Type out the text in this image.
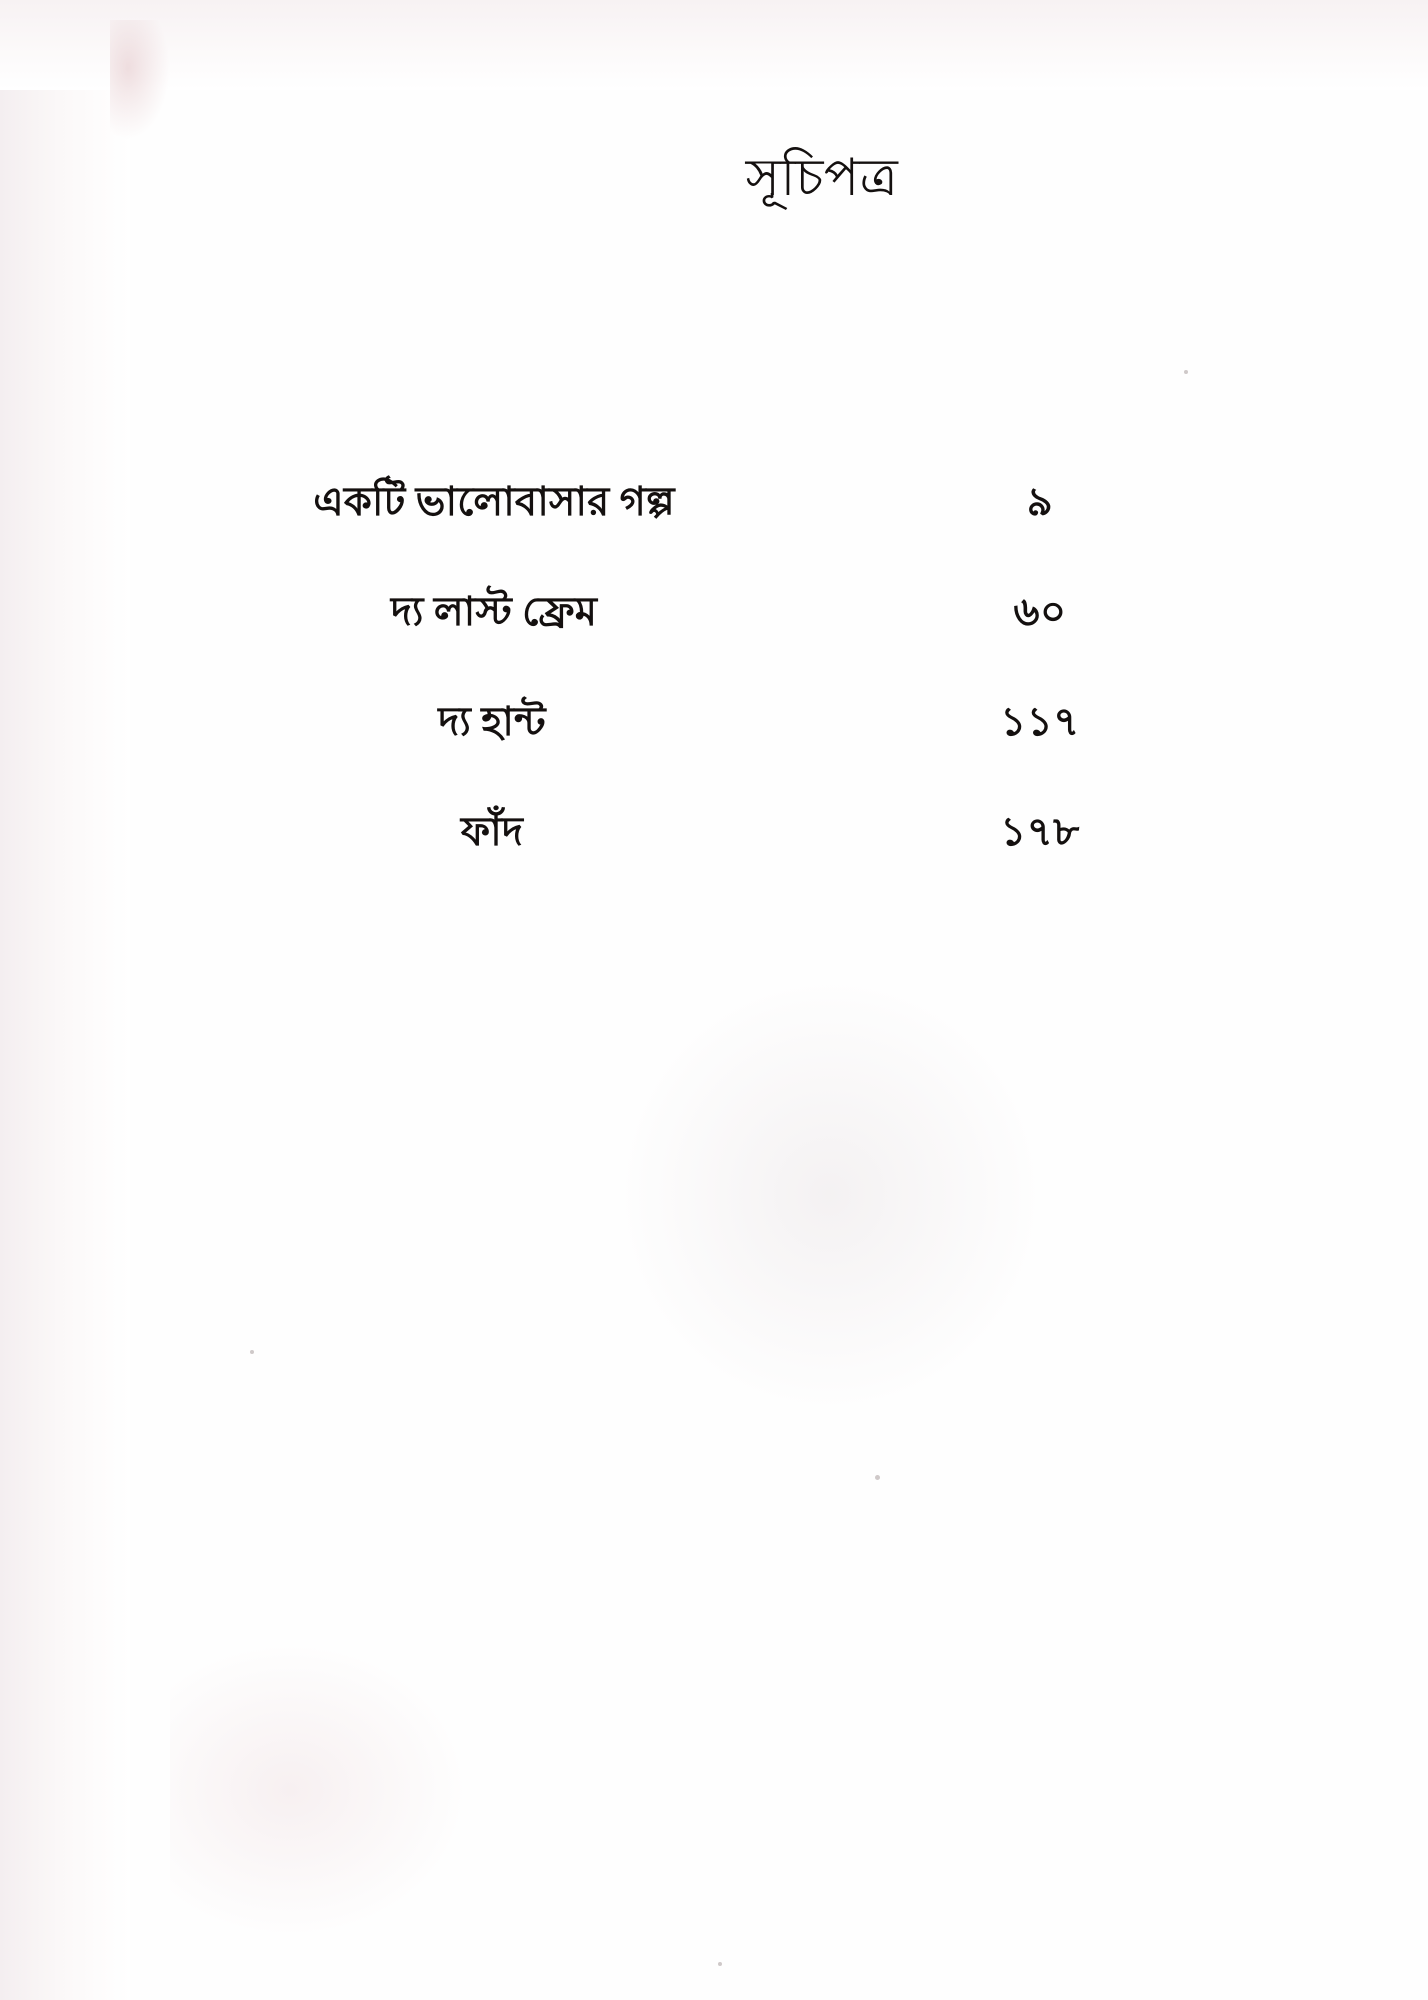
সূচিপত্র
একটি ভালোবাসার গল্প	৯
দ্য লাস্ট ফ্রেম	৬০
দ্য হান্ট	১১৭
ফাঁদ	১৭৮
